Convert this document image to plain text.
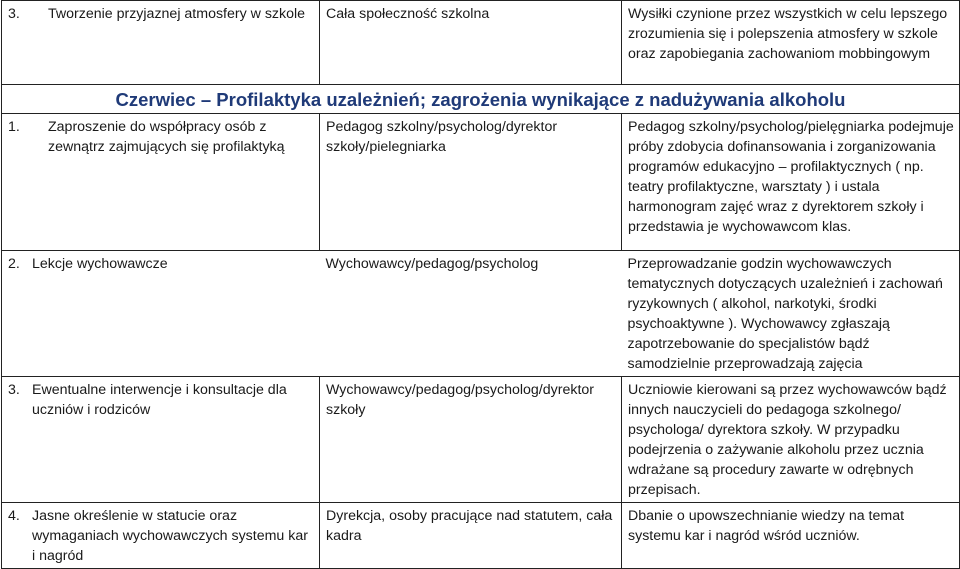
3. Tworzenie przyjaznej atmosfery w szkole	Cała społeczność szkolna	Wysiłki czynione przez wszystkich w celu lepszego zrozumienia się i polepszenia atmosfery w szkole oraz zapobiegania zachowaniom mobbingowym
Czerwiec – Profilaktyka uzależnień; zagrożenia wynikające z nadużywania alkoholu		

1. Zaproszenie do współpracy osób z zewnątrz zajmujących się profilaktyką	Pedagog szkolny/psycholog/dyrektor szkoły/pielegniarka	Pedagog szkolny/psycholog/pielęgniarka podejmuje próby zdobycia dofinansowania i zorganizowania programów edukacyjno – profilaktycznych ( np. teatry profilaktyczne, warsztaty ) i ustala harmonogram zajęć wraz z dyrektorem szkoły i przedstawia je wychowawcom klas.

2. Lekcje wychowawcze	Wychowawcy/pedagog/psycholog	Przeprowadzanie godzin wychowawczych tematycznych dotyczących uzależnień i zachowań ryzykownych ( alkohol, narkotyki, środki psychoaktywne ). Wychowawcy zgłaszają zapotrzebowanie do specjalistów bądź samodzielnie przeprowadzają zajęcia

3. Ewentualne interwencje i konsultacje dla uczniów i rodziców	Wychowawcy/pedagog/psycholog/dyrektor szkoły	Uczniowie kierowani są przez wychowawców bądź innych nauczycieli do pedagoga szkolnego/ psychologa/ dyrektora szkoły. W przypadku podejrzenia o zażywanie alkoholu przez ucznia wdrażane są procedury zawarte w odrębnych przepisach.

4. Jasne określenie w statucie oraz wymaganiach wychowawczych systemu kar i nagród	Dyrekcja, osoby pracujące nad statutem, cała kadra	Dbanie o upowszechnianie wiedzy na temat systemu kar i nagród wśród uczniów.
